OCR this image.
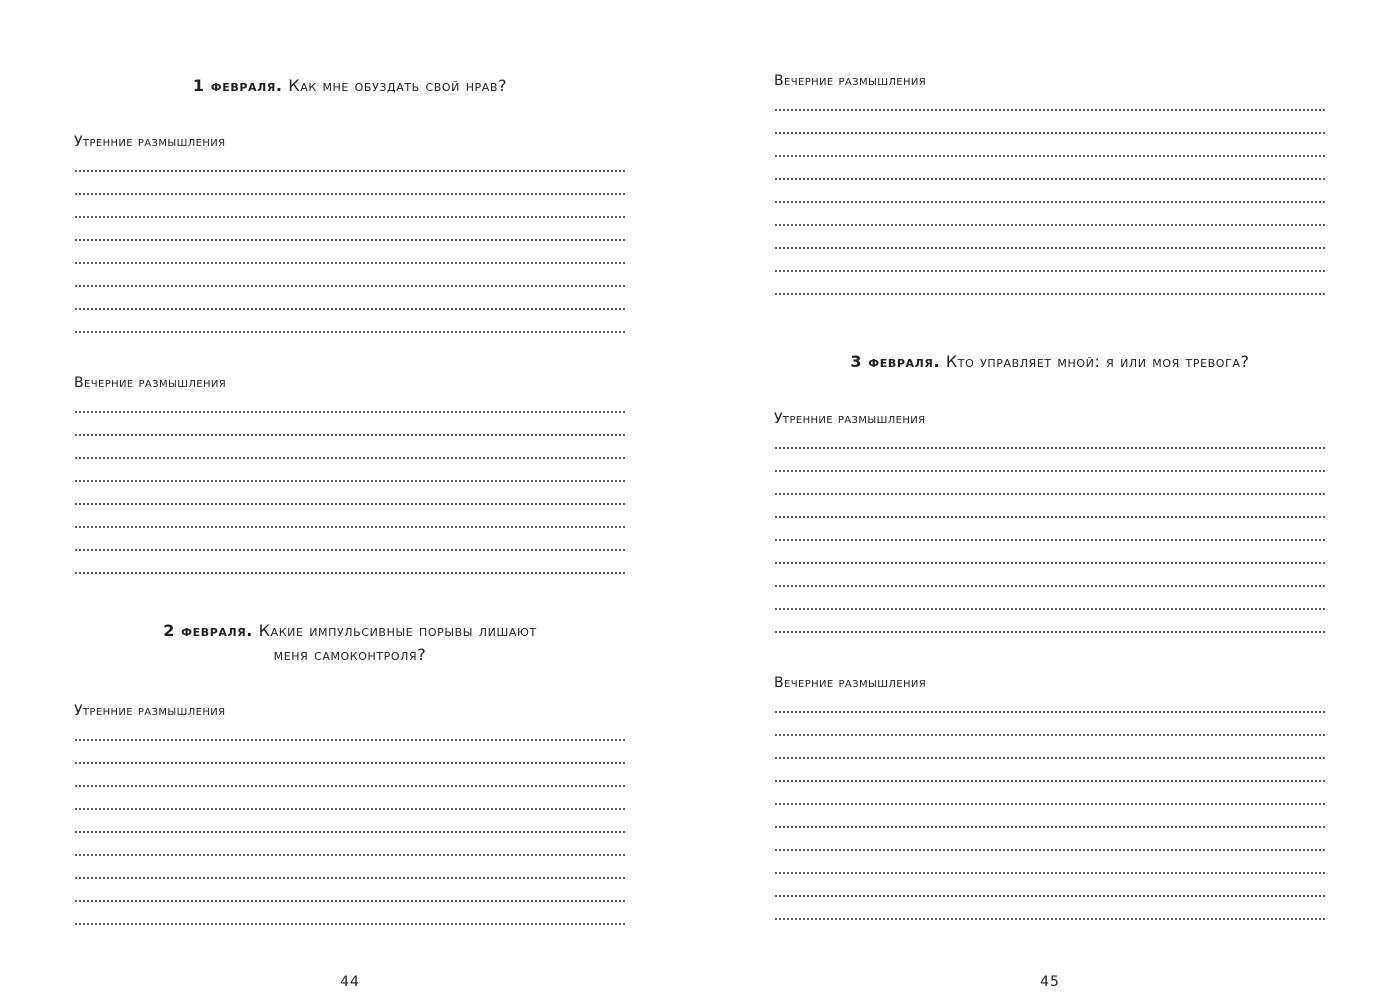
1 февраля. Как мне обуздать свой нрав?
Утренние размышления
Вечерние размышления
2 февраля. Какие импульсивные порывы лишают
меня самоконтроля?
Утренние размышления
44
Вечерние размышления
3 февраля. Кто управляет мной: я или моя тревога?
Утренние размышления
Вечерние размышления
45
